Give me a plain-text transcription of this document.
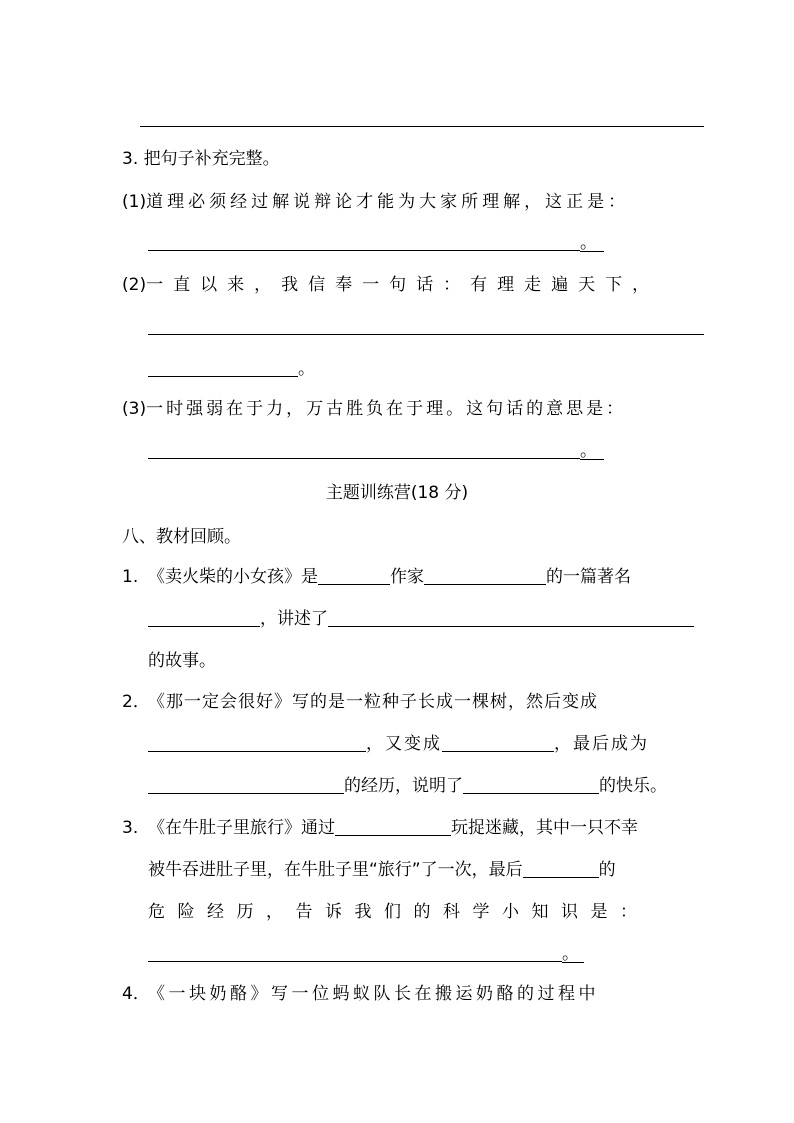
3. 把句子补充完整。
(1)道理必须经过解说辩论才能为大家所理解，这正是：
。
(2)一直以来，我信奉一句话：有理走遍天下，
。
(3)一时强弱在于力，万古胜负在于理。这句话的意思是：
。
主题训练营(18 分)
八、教材回顾。
1. 《卖火柴的小女孩》是	作家	的一篇著名
，讲述了
的故事。
2．《那一定会很好》写的是一粒种子长成一棵树，然后变成
，又变成	，最后成为
的经历，说明了	的快乐。
3. 《在牛肚子里旅行》通过	玩捉迷藏，其中一只不幸
被牛吞进肚子里，在牛肚子里“旅行”了一次，最后	的
危险经历，告诉我们的科学小知识是：
。
4．《一块奶酪》写一位蚂蚁队长在搬运奶酪的过程中
